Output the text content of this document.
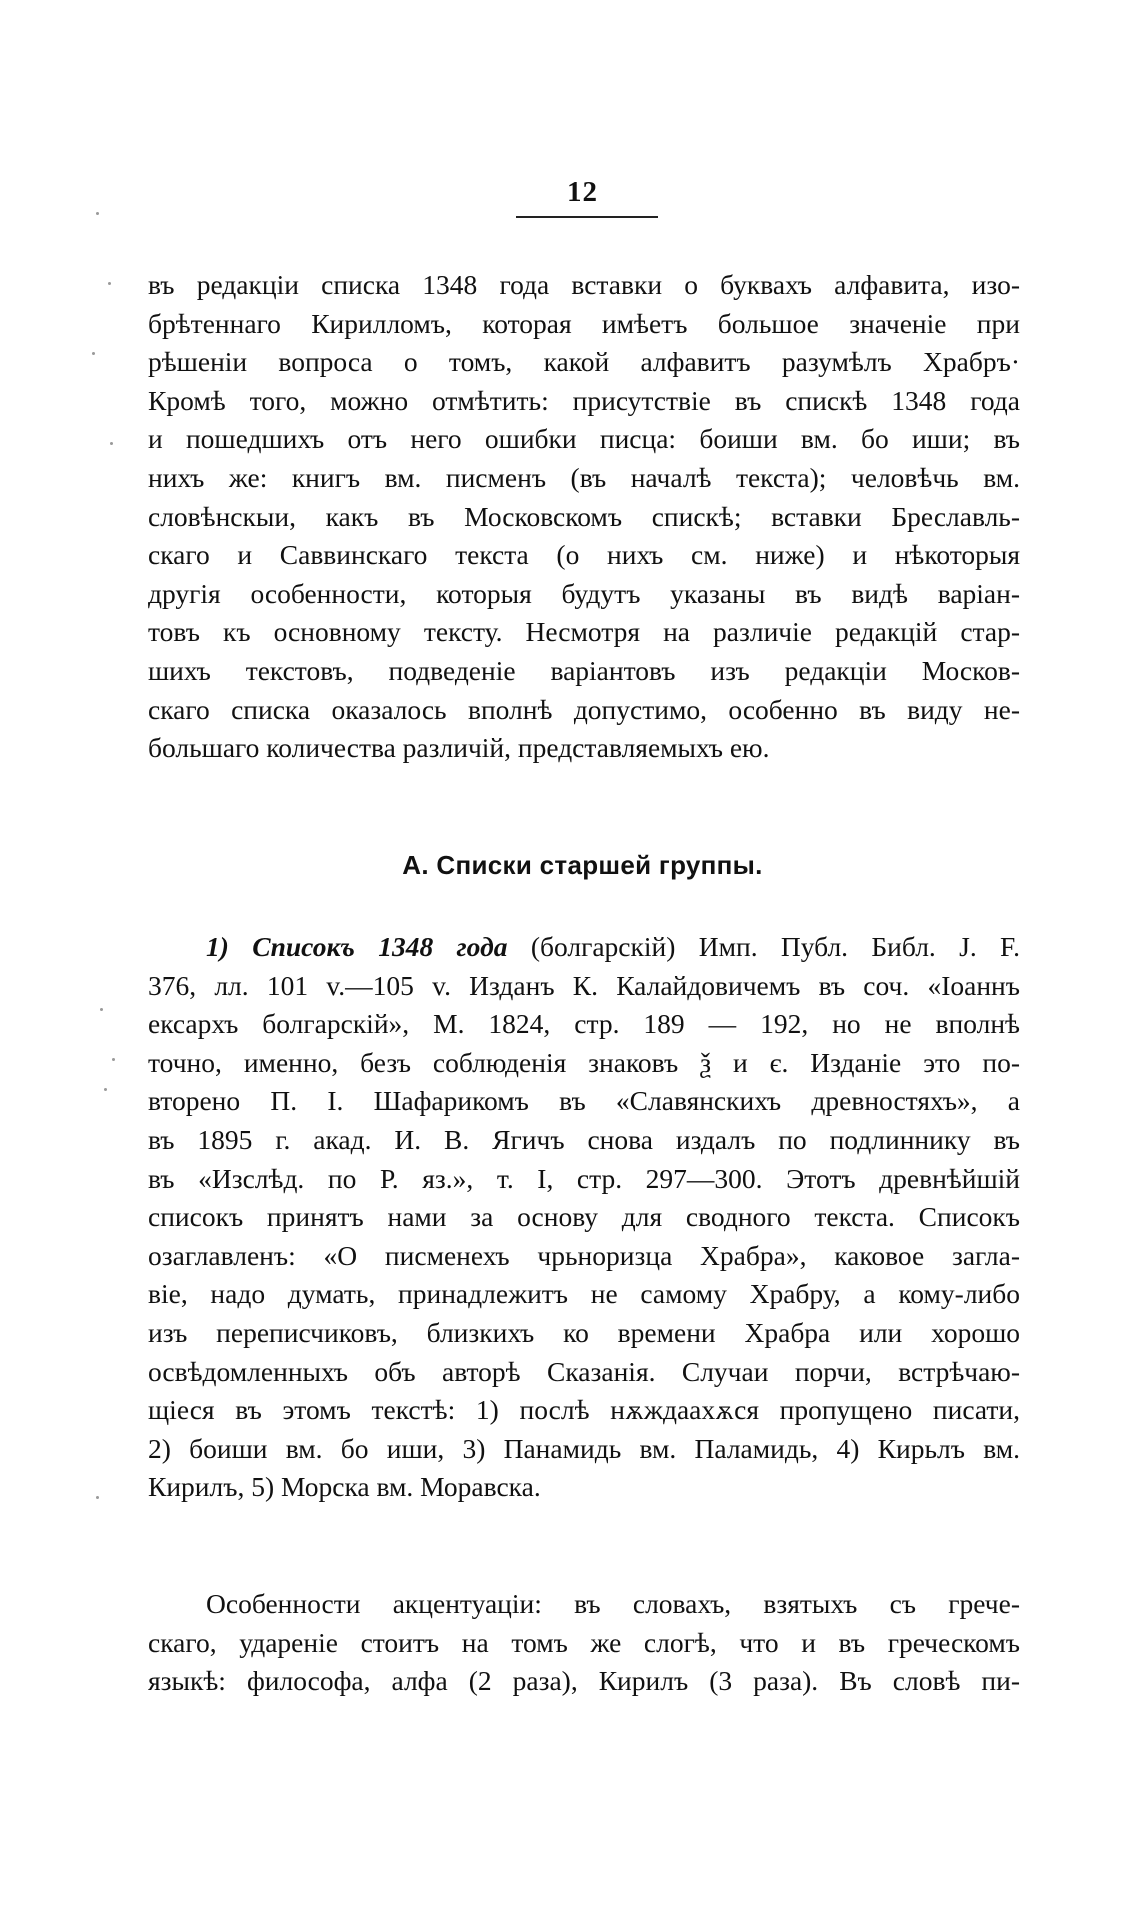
12
въ редакціи списка 1348 года вставки о буквахъ алфавита, изо-
брѣтеннаго Кирилломъ, которая имѣетъ большое значеніе при
рѣшеніи вопроса о томъ, какой алфавитъ разумѣлъ Храбръ·
Кромѣ того, можно отмѣтить: присутствіе въ спискѣ 1348 года
и пошедшихъ отъ него ошибки писца: боиши вм. бо иши; въ
нихъ же: книгъ вм. писменъ (въ началѣ текста); человѣчь вм.
словѣнскыи, какъ въ Московскомъ спискѣ; вставки Бреславль-
скаго и Саввинскаго текста (о нихъ см. ниже) и нѣкоторыя
другія особенности, которыя будутъ указаны въ видѣ варіан-
товъ къ основному тексту. Несмотря на различіе редакцій стар-
шихъ текстовъ, подведеніе варіантовъ изъ редакціи Москов-
скаго списка оказалось вполнѣ допустимо, особенно въ виду не-
большаго количества различій, представляемыхъ ею.
А. Списки старшей группы.
1) Списокъ 1348 года (болгарскій) Имп. Публ. Библ. J. F.
376, лл. 101 v.—105 v. Изданъ К. Калайдовичемъ въ соч. «Іоаннъ
ексархъ болгарскій», М. 1824, стр. 189 — 192, но не вполнѣ
точно, именно, безъ соблюденія знаковъ ѯ и є. Изданіе это по-
вторено П. І. Шафарикомъ въ «Славянскихъ древностяхъ», а
въ 1895 г. акад. И. В. Ягичъ снова издалъ по подлиннику въ
въ «Изслѣд. по Р. яз.», т. I, стр. 297—300. Этотъ древнѣйшій
списокъ принятъ нами за основу для сводного текста. Списокъ
озаглавленъ: «О писменехъ чрьноризца Храбра», каковое загла-
віе, надо думать, принадлежитъ не самому Храбру, а кому-либо
изъ переписчиковъ, близкихъ ко времени Храбра или хорошо
освѣдомленныхъ объ авторѣ Сказанія. Случаи порчи, встрѣчаю-
щіеся въ этомъ текстѣ: 1) послѣ нѫждаахѫся пропущено писати,
2) боиши вм. бо иши, 3) Панамидь вм. Паламидь, 4) Кирьлъ вм.
Кирилъ, 5) Морска вм. Моравска.
Особенности акцентуаціи: въ словахъ, взятыхъ съ грече-
скаго, удареніе стоитъ на томъ же слогѣ, что и въ греческомъ
языкѣ: философа, алфа (2 раза), Кирилъ (3 раза). Въ словѣ пи-
